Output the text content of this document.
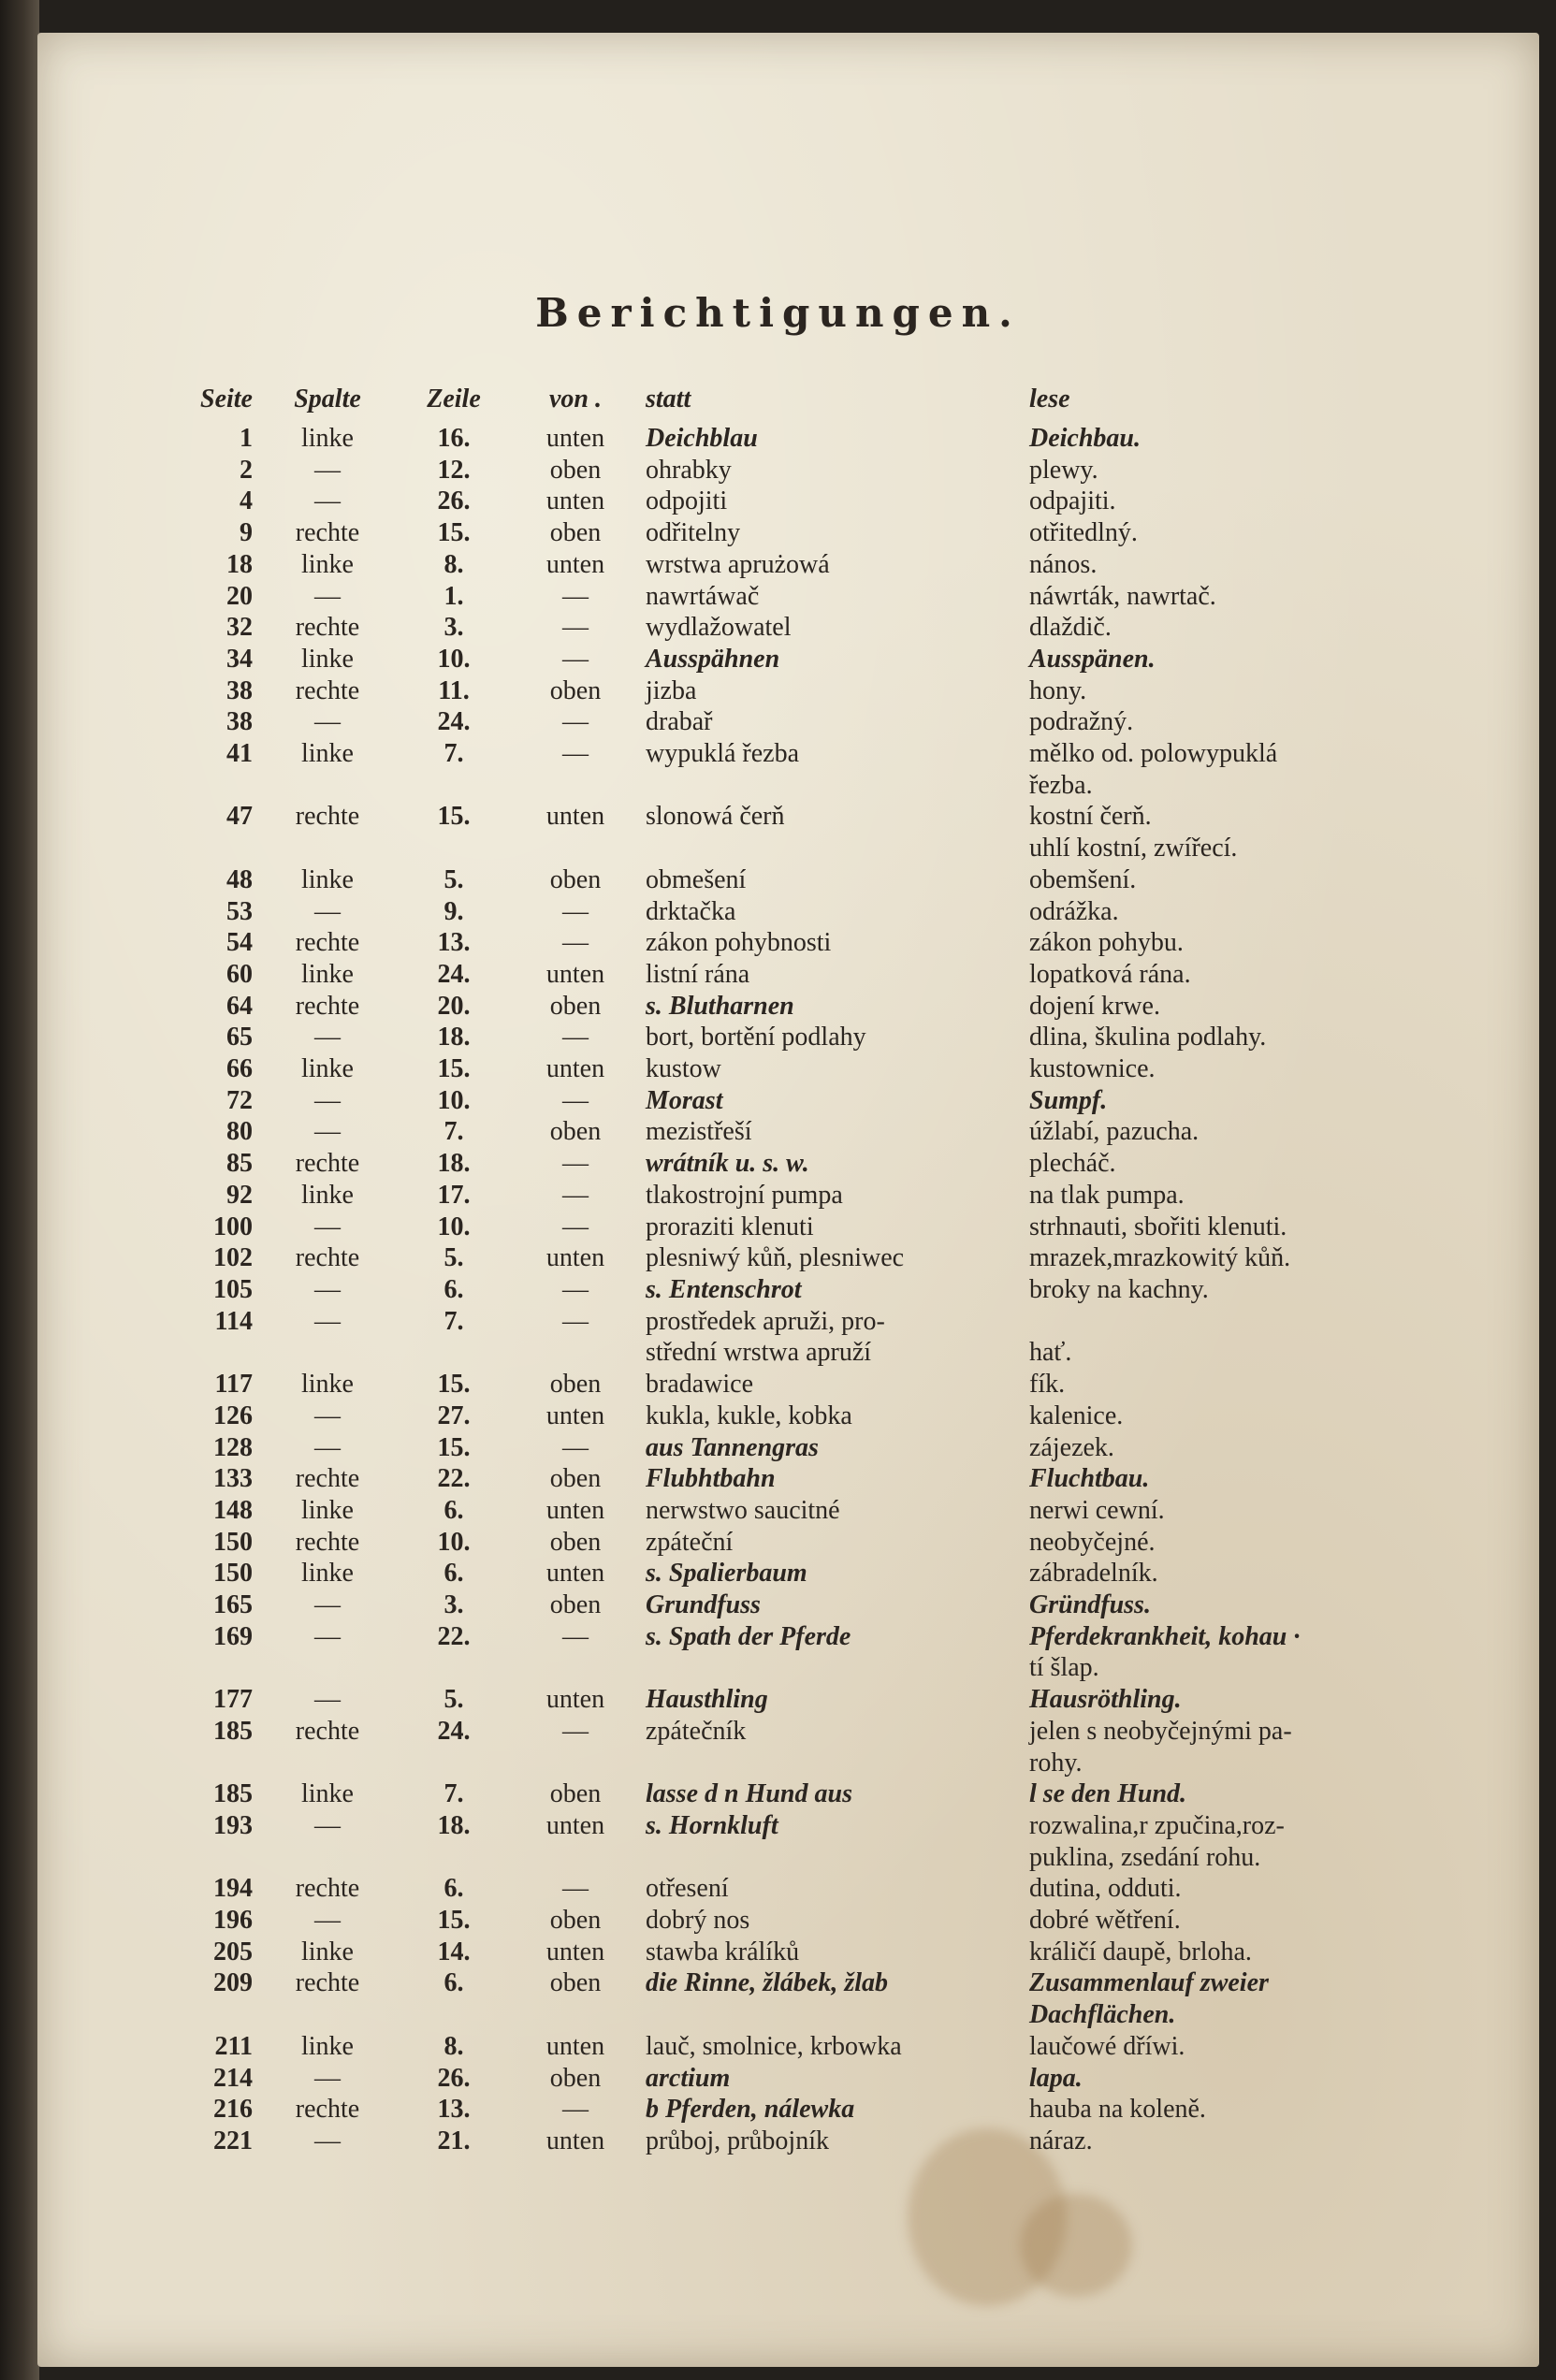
Berichtigungen.
Seite	Spalte	Zeile	von .	statt	lese
1	linke	16.	unten	Deichblau	Deichbau.
2	—	12.	oben	ohrabky	plewy.
4	—	26.	unten	odpojiti	odpajiti.
9	rechte	15.	oben	odřitelny	otřitedlný.
18	linke	8.	unten	wrstwa aprużowá	nános.
20	—	1.	—	nawrtáwač	náwrták, nawrtač.
32	rechte	3.	—	wydlažowatel	dlaždič.
34	linke	10.	—	Ausspähnen	Ausspänen.
38	rechte	11.	oben	jizba	hony.
38	—	24.	—	drabař	podražný.
41	linke	7.	—	wypuklá řezba	mělko od. polowypuklá
					řezba.
47	rechte	15.	unten	slonowá čerň	kostní čerň.
					uhlí kostní, zwířecí.
48	linke	5.	oben	obmešení	obemšení.
53	—	9.	—	drktačka	odrážka.
54	rechte	13.	—	zákon pohybnosti	zákon pohybu.
60	linke	24.	unten	listní rána	lopatková rána.
64	rechte	20.	oben	s. Blutharnen	dojení krwe.
65	—	18.	—	bort, bortění podlahy	dlina, škulina podlahy.
66	linke	15.	unten	kustow	kustownice.
72	—	10.	—	Morast	Sumpf.
80	—	7.	oben	mezistřeší	úžlabí, pazucha.
85	rechte	18.	—	wrátník u. s. w.	plecháč.
92	linke	17.	—	tlakostrojní pumpa	na tlak pumpa.
100	—	10.	—	proraziti klenuti	strhnauti, sbořiti klenuti.
102	rechte	5.	unten	plesniwý kůň, plesniwec	mrazek,mrazkowitý kůň.
105	—	6.	—	s. Entenschrot	broky na kachny.
114	—	7.	—	prostředek apruži, pro-	
				střední wrstwa apruží	hať.
117	linke	15.	oben	bradawice	fík.
126	—	27.	unten	kukla, kukle, kobka	kalenice.
128	—	15.	—	aus Tannengras	zájezek.
133	rechte	22.	oben	Flubhtbahn	Fluchtbau.
148	linke	6.	unten	nerwstwo saucitné	nerwi cewní.
150	rechte	10.	oben	zpáteční	neobyčejné.
150	linke	6.	unten	s. Spalierbaum	zábradelník.
165	—	3.	oben	Grundfuss	Gründfuss.
169	—	22.	—	s. Spath der Pferde	Pferdekrankheit, kohau ·
					tí šlap.
177	—	5.	unten	Hausthling	Hausröthling.
185	rechte	24.	—	zpátečník	jelen s neobyčejnými pa-
					rohy.
185	linke	7.	oben	lasse d n Hund aus	l se den Hund.
193	—	18.	unten	s. Hornkluft	rozwalina,r zpučina,roz-
					puklina, zsedání rohu.
194	rechte	6.	—	otřesení	dutina, odduti.
196	—	15.	oben	dobrý nos	dobré wětření.
205	linke	14.	unten	stawba králíků	králičí daupě, brloha.
209	rechte	6.	oben	die Rinne, žlábek, žlab	Zusammenlauf zweier
					Dachflächen.
211	linke	8.	unten	lauč, smolnice, krbowka	laučowé dříwi.
214	—	26.	oben	arctium	lapa.
216	rechte	13.	—	b Pferden, nálewka	hauba na koleně.
221	—	21.	unten	průboj, průbojník	náraz.
